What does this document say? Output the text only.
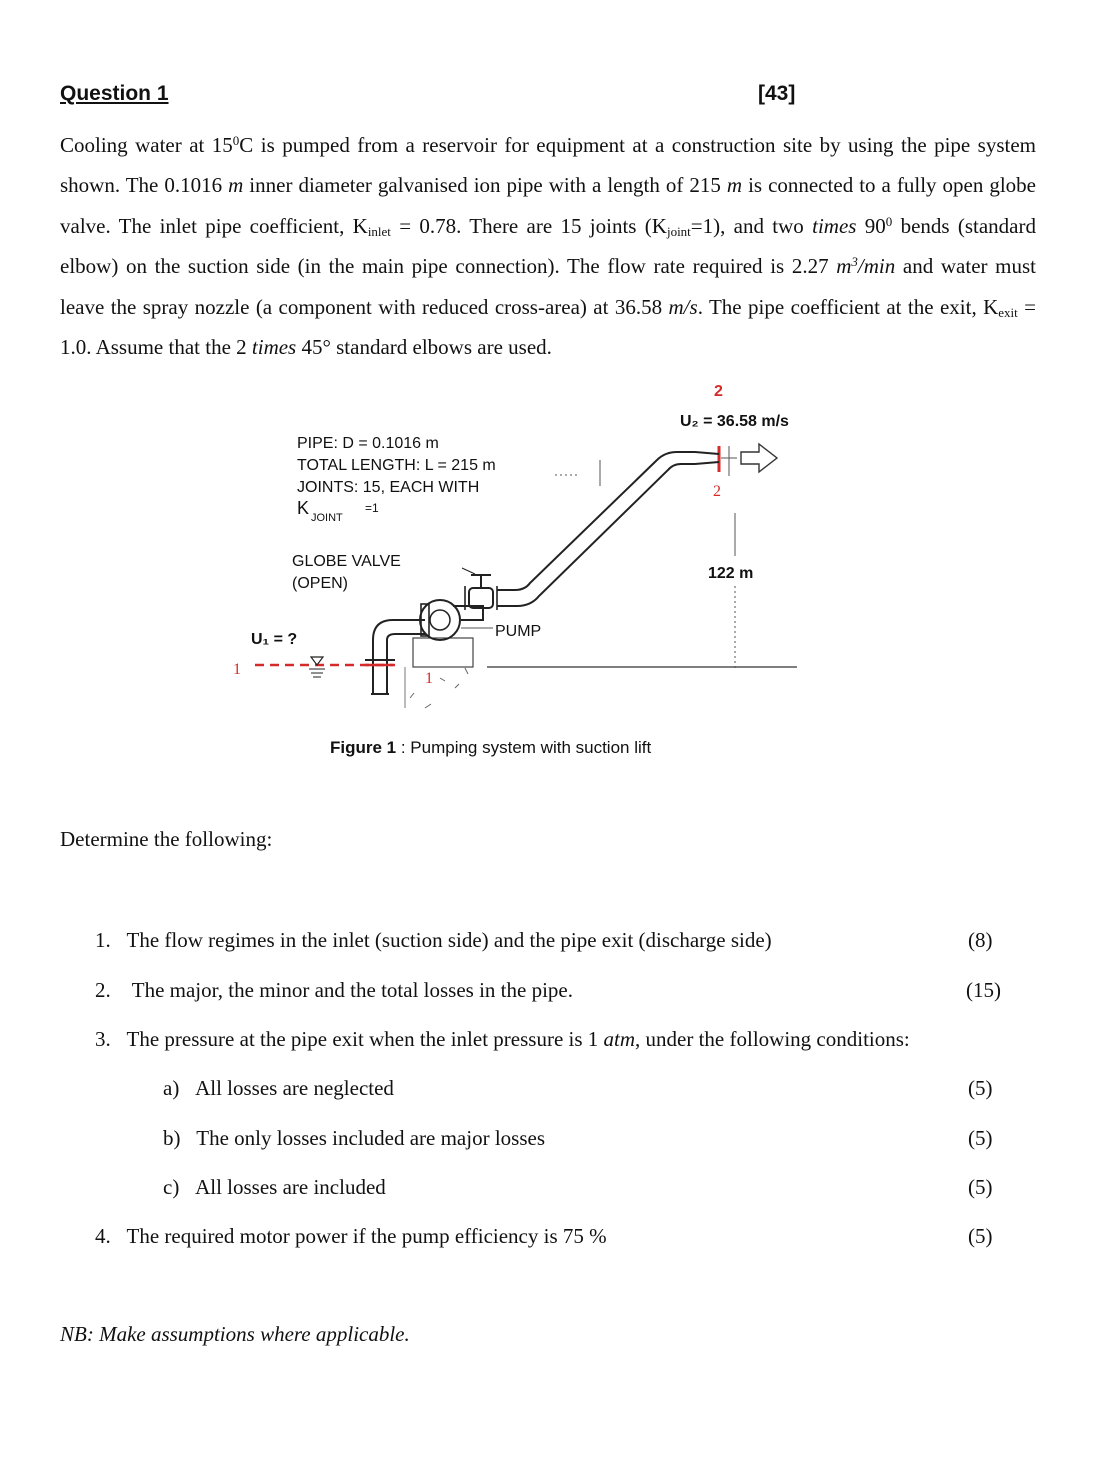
Question 1	[43]
Cooling water at $15^0C$ is pumped from a reservoir for equipment at a construction site by using the pipe system shown. The 0.1016 m inner diameter galvanised ion pipe with a length of 215 m is connected to a fully open globe valve. The inlet pipe coefficient, $K_{inlet} = 0.78$. There are 15 joints $(K_{joint}=1)$, and two times $90^0$ bends (standard elbow) on the suction side (in the main pipe connection). The flow rate required is 2.27 $m^3/\min$ and water must leave the spray nozzle (a component with reduced cross-area) at 36.58 m/s. The pipe coefficient at the exit, $K_{exit} = 1.0$. Assume that the 2 times 45° standard elbows are used.
PIPE: D = 0.1016 m
TOTAL LENGTH: L = 215 m
JOINTS: 15, EACH WITH
K JOINT
=1
GLOBE VALVE
(OPEN)
1
U₁ = ?
1
PUMP
2
U₂ = 36.58 m/s
2
122 m
Figure 1 : Pumping system with suction lift
Determine the following:
1. The flow regimes in the inlet (suction side) and the pipe exit (discharge side)	(8)
2. The major, the minor and the total losses in the pipe.	(15)
3. The pressure at the pipe exit when the inlet pressure is 1 atm, under the following conditions:
a) All losses are neglected	(5)
b) The only losses included are major losses	(5)
c) All losses are included	(5)
4. The required motor power if the pump efficiency is 75 %	(5)
NB: Make assumptions where applicable.
